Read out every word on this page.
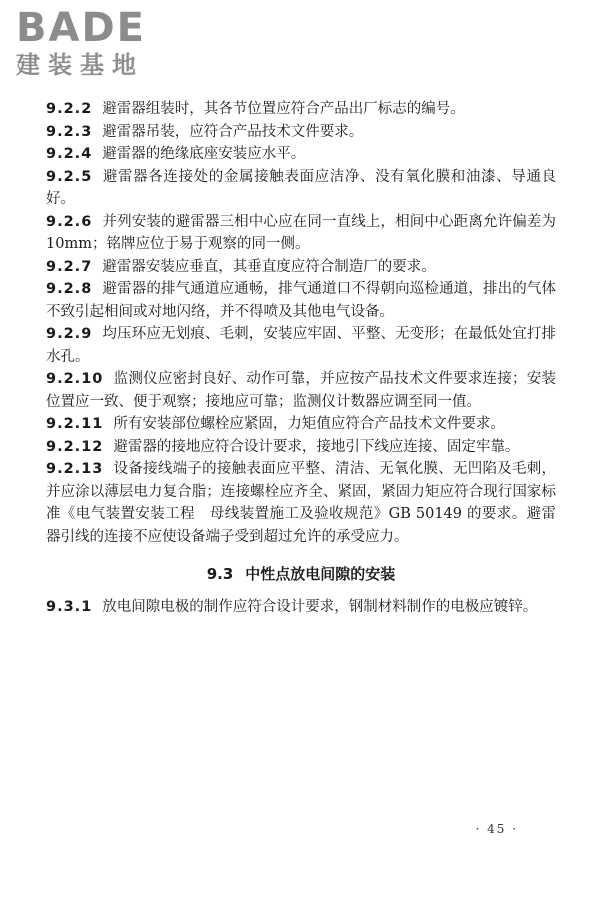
BADE
建装基地

9.2.2 避雷器组装时，其各节位置应符合产品出厂标志的编号。

9.2.3 避雷器吊装，应符合产品技术文件要求。

9.2.4 避雷器的绝缘底座安装应水平。

9.2.5 避雷器各连接处的金属接触表面应洁净、没有氧化膜和油漆、导通良好。

9.2.6 并列安装的避雷器三相中心应在同一直线上，相间中心距离允许偏差为 10mm；铭牌应位于易于观察的同一侧。

9.2.7 避雷器安装应垂直，其垂直度应符合制造厂的要求。

9.2.8 避雷器的排气通道应通畅，排气通道口不得朝向巡检通道，排出的气体不致引起相间或对地闪络，并不得喷及其他电气设备。

9.2.9 均压环应无划痕、毛刺，安装应牢固、平整、无变形；在最低处宜打排水孔。

9.2.10 监测仪应密封良好、动作可靠，并应按产品技术文件要求连接；安装位置应一致、便于观察；接地应可靠；监测仪计数器应调至同一值。

9.2.11 所有安装部位螺栓应紧固，力矩值应符合产品技术文件要求。

9.2.12 避雷器的接地应符合设计要求，接地引下线应连接、固定牢靠。

9.2.13 设备接线端子的接触表面应平整、清洁、无氧化膜、无凹陷及毛刺，并应涂以薄层电力复合脂；连接螺栓应齐全、紧固，紧固力矩应符合现行国家标准《电气装置安装工程　母线装置施工及验收规范》GB 50149 的要求。避雷器引线的连接不应使设备端子受到超过允许的承受应力。

9.3 中性点放电间隙的安装

9.3.1 放电间隙电极的制作应符合设计要求，钢制材料制作的电极应镀锌。

· 45 ·
